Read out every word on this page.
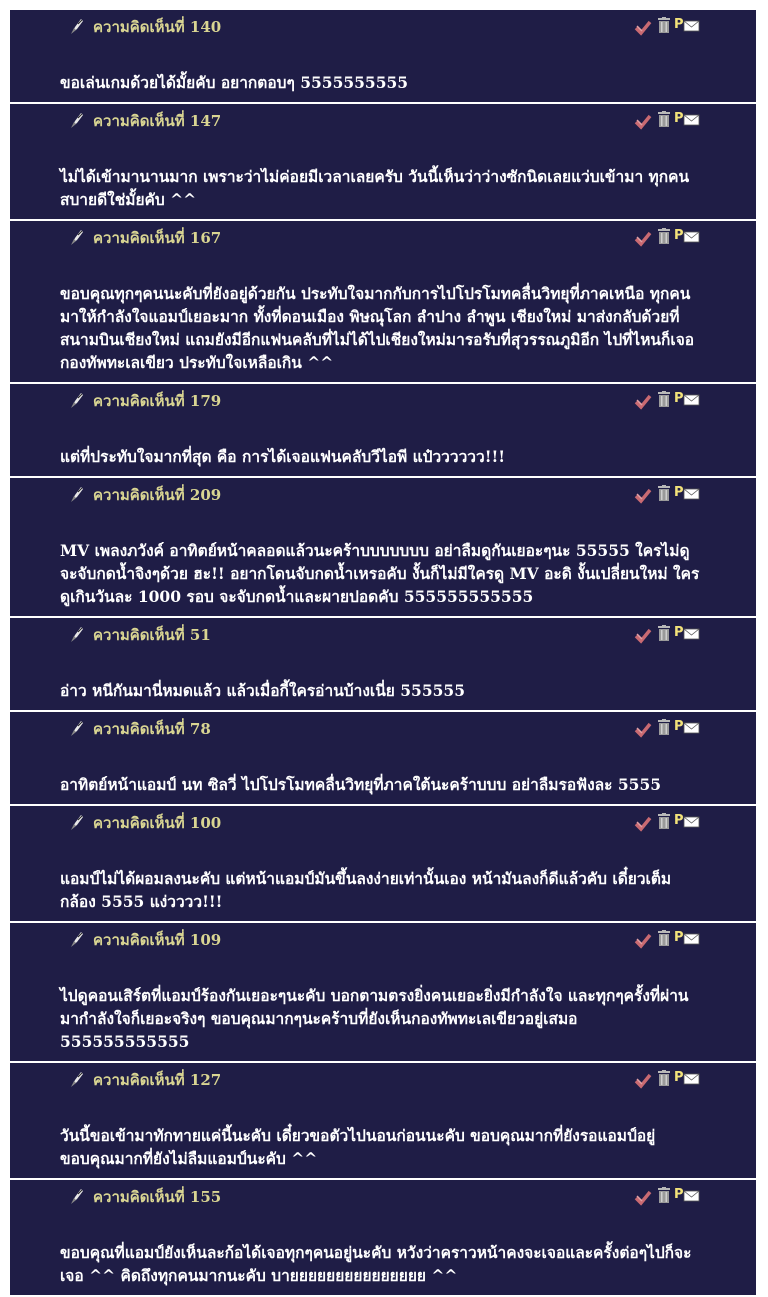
ความคิดเห็นที่ 140	P
ขอเล่นเกมด้วยได้มั้ยคับ อยากตอบๆ 5555555555
ความคิดเห็นที่ 147	P
ไม่ได้เข้ามานานมาก เพราะว่าไม่ค่อยมีเวลาเลยครับ วันนี้เห็นว่าว่างซักนิดเลยแว่บเข้ามา ทุกคนสบายดีใช่มั้ยคับ ^^
ความคิดเห็นที่ 167	P
ขอบคุณทุกๆคนนะคับที่ยังอยู่ด้วยกัน ประทับใจมากกับการไปโปรโมทคลื่นวิทยุที่ภาคเหนือ ทุกคนมาให้กำลังใจแอมป์เยอะมาก ทั้งที่ดอนเมือง พิษณุโลก ลำปาง ลำพูน เชียงใหม่ มาส่งกลับด้วยที่สนามบินเชียงใหม่ แถมยังมีอีกแฟนคลับที่ไม่ได้ไปเชียงใหม่มารอรับที่สุวรรณภูมิอีก ไปที่ไหนก็เจอกองทัพทะเลเขียว ประทับใจเหลือเกิน ^^
ความคิดเห็นที่ 179	P
แต่ที่ประทับใจมากที่สุด คือ การได้เจอแฟนคลับวีไอพี แป๋วววววว!!!
ความคิดเห็นที่ 209	P
MV เพลงภวังค์ อาทิตย์หน้าคลอดแล้วนะคร้าบบบบบบบ อย่าลืมดูกันเยอะๆนะ 55555 ใครไม่ดูจะจับกดน้ำจิงๆด้วย ฮะ!! อยากโดนจับกดน้ำเหรอคับ งั้นก็ไม่มีใครดู MV อะดิ งั้นเปลี่ยนใหม่ ใครดูเกินวันละ 1000 รอบ จะจับกดน้ำและผายปอดคับ 555555555555
ความคิดเห็นที่ 51	P
อ่าว หนีกันมานี่หมดแล้ว แล้วเมื่อกี้ใครอ่านบ้างเนี่ย 555555
ความคิดเห็นที่ 78	P
อาทิตย์หน้าแอมป์ นท ซิลวี่ ไปโปรโมทคลื่นวิทยุที่ภาคใต้นะคร้าบบบ อย่าลืมรอฟังละ 5555
ความคิดเห็นที่ 100	P
แอมป์ไม่ได้ผอมลงนะคับ แต่หน้าแอมป์มันขึ้นลงง่ายเท่านั้นเอง หน้ามันลงก็ดีแล้วคับ เดี๋ยวเต็มกล้อง 5555 แง่วววว!!!
ความคิดเห็นที่ 109	P
ไปดูคอนเสิร์ตที่แอมป์ร้องกันเยอะๆนะคับ บอกตามตรงยิ่งคนเยอะยิ่งมีกำลังใจ และทุกๆครั้งที่ผ่านมากำลังใจก็เยอะจริงๆ ขอบคุณมากๆนะคร้าบที่ยังเห็นกองทัพทะเลเขียวอยู่เสมอ 555555555555
ความคิดเห็นที่ 127	P
วันนี้ขอเข้ามาทักทายแค่นี้นะคับ เดี๋ยวขอตัวไปนอนก่อนนะคับ ขอบคุณมากที่ยังรอแอมป์อยู่ ขอบคุณมากที่ยังไม่ลืมแอมป์นะคับ ^^
ความคิดเห็นที่ 155	P
ขอบคุณที่แอมป์ยังเห็นละก้อได้เจอทุกๆคนอยู่นะคับ หวังว่าคราวหน้าคงจะเจอและครั้งต่อๆไปก็จะเจอ ^^ คิดถึงทุกคนมากนะคับ บายยยยยยยยยยยยยยย ^^
